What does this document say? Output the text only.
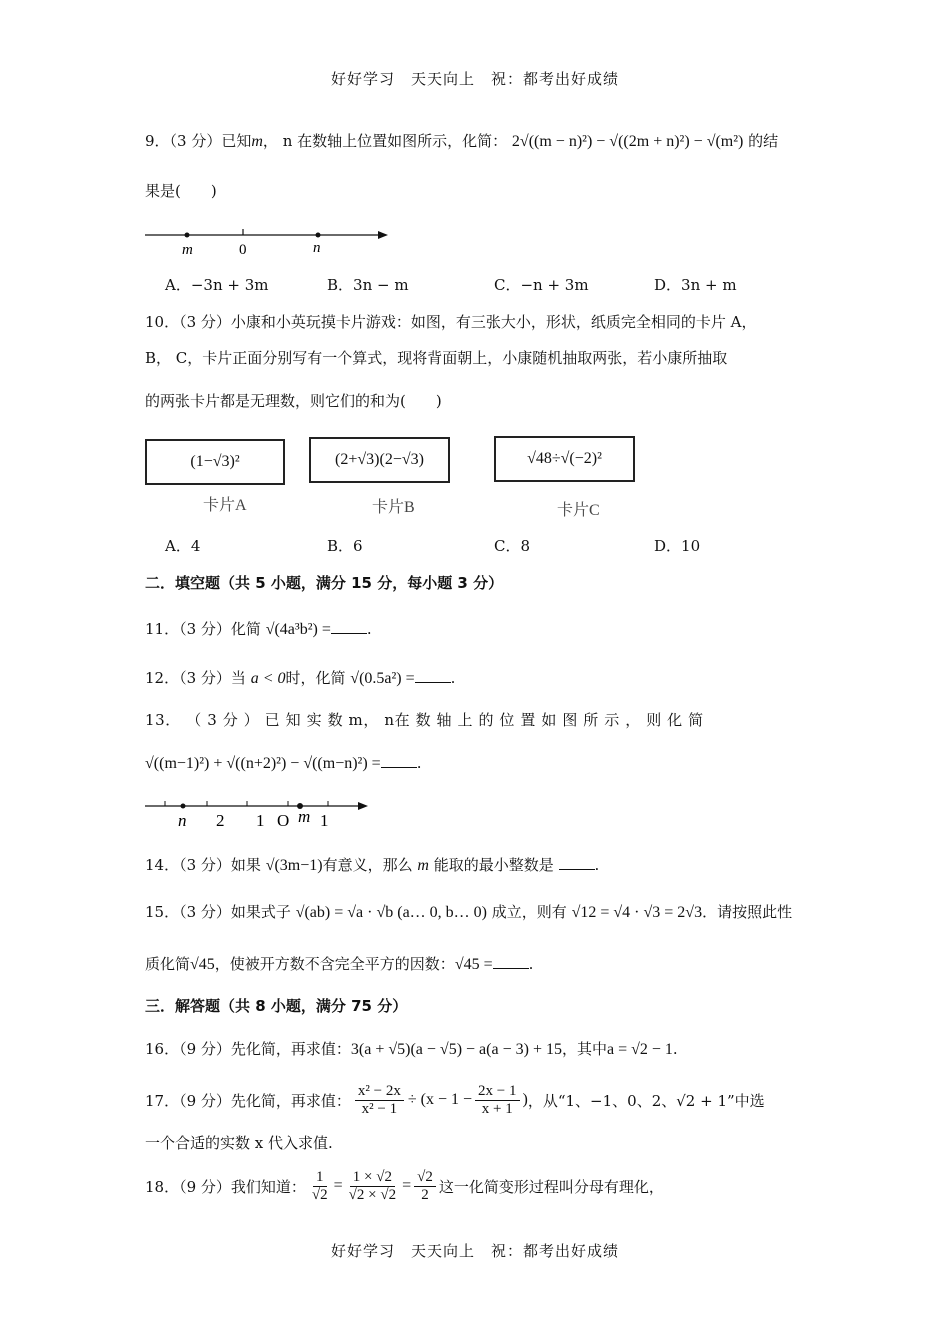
好好学习　天天向上　祝：都考出好成绩
9．（3 分）已知m， n 在数轴上位置如图所示，化简： 2√((m − n)²) − √((2m + n)²) − √(m²) 的结
果是(　　)
m	0	n
A．−3n + 3m	B．3n − m	C．−n + 3m	D．3n + m
10．（3 分）小康和小英玩摸卡片游戏：如图，有三张大小，形状，纸质完全相同的卡片 A，
B， C，卡片正面分别写有一个算式，现将背面朝上，小康随机抽取两张，若小康所抽取
的两张卡片都是无理数，则它们的和为(　　)
(1−√3)²	(2+√3)(2−√3)	√48÷√(−2)²
卡片A	卡片B	卡片C
A．4	B．6	C．8	D．10
二．填空题（共 5 小题，满分 15 分，每小题 3 分）
11．（3 分）化简 √(4a³b²) = .
12．（3 分）当 a < 0时，化简 √(0.5a²) = .
13． （ 3 分 ） 已 知 实 数 m， n在 数 轴 上 的 位 置 如 图 所 示 ， 则 化 简
√((m−1)²) + √((n+2)²) − √((m−n)²) = .
n 2 1 O m 1
14．（3 分）如果 √(3m−1)有意义，那么 m 能取的最小整数是	.
15．（3 分）如果式子 √(ab) = √a · √b (a… 0, b… 0) 成立，则有 √12 = √4 · √3 = 2√3．请按照此性
质化简√45，使被开方数不含完全平方的因数：√45 = .
三．解答题（共 8 小题，满分 75 分）
16．（9 分）先化简，再求值：3(a + √5)(a − √5) − a(a − 3) + 15，其中a = √2 − 1.
17．（9 分）先化简，再求值： $\frac{\text{x² − 2x}}{\text{x² − 1}} \div (x - 1 - \frac{2x - 1}{x + 1}$ ) ，从“1、−1、0、2、√2 + 1”中选
一个合适的实数 x 代入求值.
18．（9 分）我们知道： $\frac{1}{√2} = \frac{1 \times √2}{√2 \times √2} = \frac{√2}{2}$ 这一化简变形过程叫分母有理化，
好好学习　天天向上　祝：都考出好成绩
